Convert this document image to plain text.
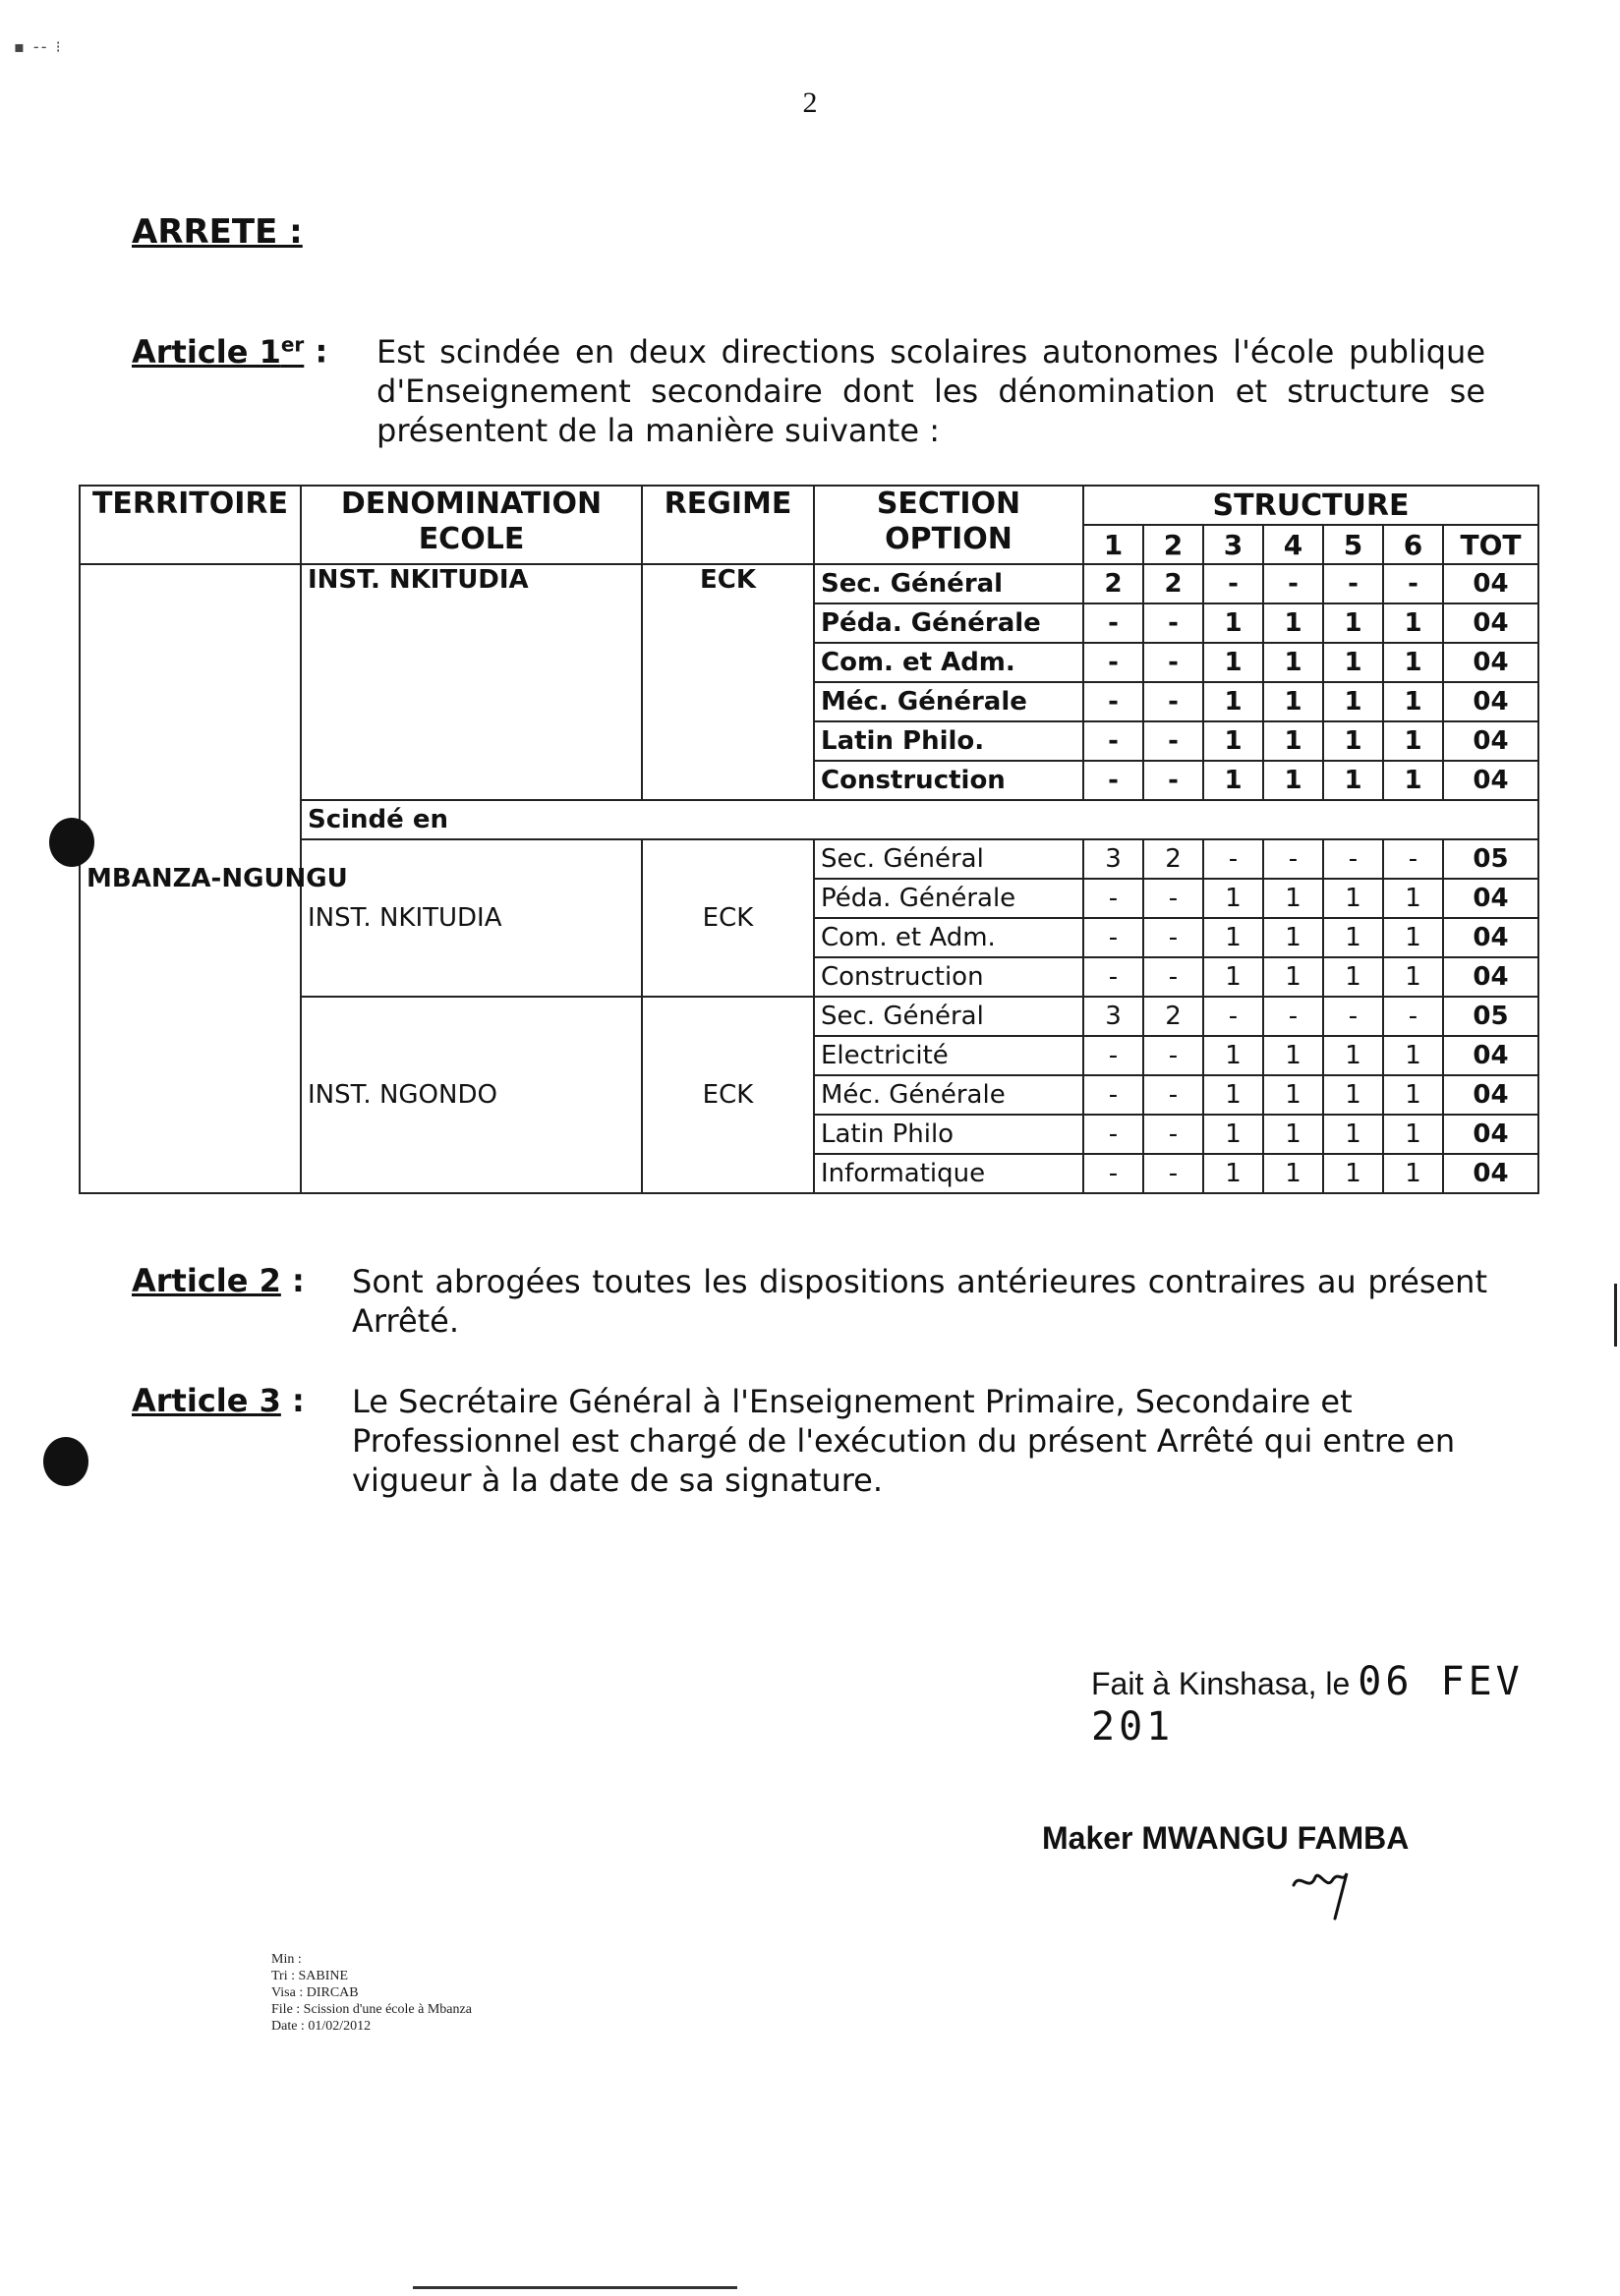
▪ ‐‐ ⁝
2
ARRETE :
Article 1er : Est scindée en deux directions scolaires autonomes l'école publique d'Enseignement secondaire dont les dénomination et structure se présentent de la manière suivante :
TERRITOIRE	DENOMINATION ECOLE	REGIME	SECTION OPTION	STRUCTURE						
				1	2	3	4	5	6	TOT
MBANZA-NGUNGU	INST. NKITUDIA	ECK	Sec. Général	2	2	-	-	-	-	04
			Péda. Générale	-	-	1	1	1	1	04
			Com. et Adm.	-	-	1	1	1	1	04
			Méc. Générale	-	-	1	1	1	1	04
			Latin Philo.	-	-	1	1	1	1	04
			Construction	-	-	1	1	1	1	04
	Scindé en									
	INST. NKITUDIA	ECK	Sec. Général	3	2	-	-	-	-	05
			Péda. Générale	-	-	1	1	1	1	04
			Com. et Adm.	-	-	1	1	1	1	04
			Construction	-	-	1	1	1	1	04
	INST. NGONDO	ECK	Sec. Général	3	2	-	-	-	-	05
			Electricité	-	-	1	1	1	1	04
			Méc. Générale	-	-	1	1	1	1	04
			Latin Philo	-	-	1	1	1	1	04
			Informatique	-	-	1	1	1	1	04
Article 2 : Sont abrogées toutes les dispositions antérieures contraires au présent Arrêté.
Article 3 : Le Secrétaire Général à l'Enseignement Primaire, Secondaire et Professionnel est chargé de l'exécution du présent Arrêté qui entre en vigueur à la date de sa signature.
Fait à Kinshasa, le 06 FEV 201
Maker MWANGU FAMBA
Min :
Tri : SABINE
Visa : DIRCAB
File : Scission d'une école à Mbanza
Date : 01/02/2012
